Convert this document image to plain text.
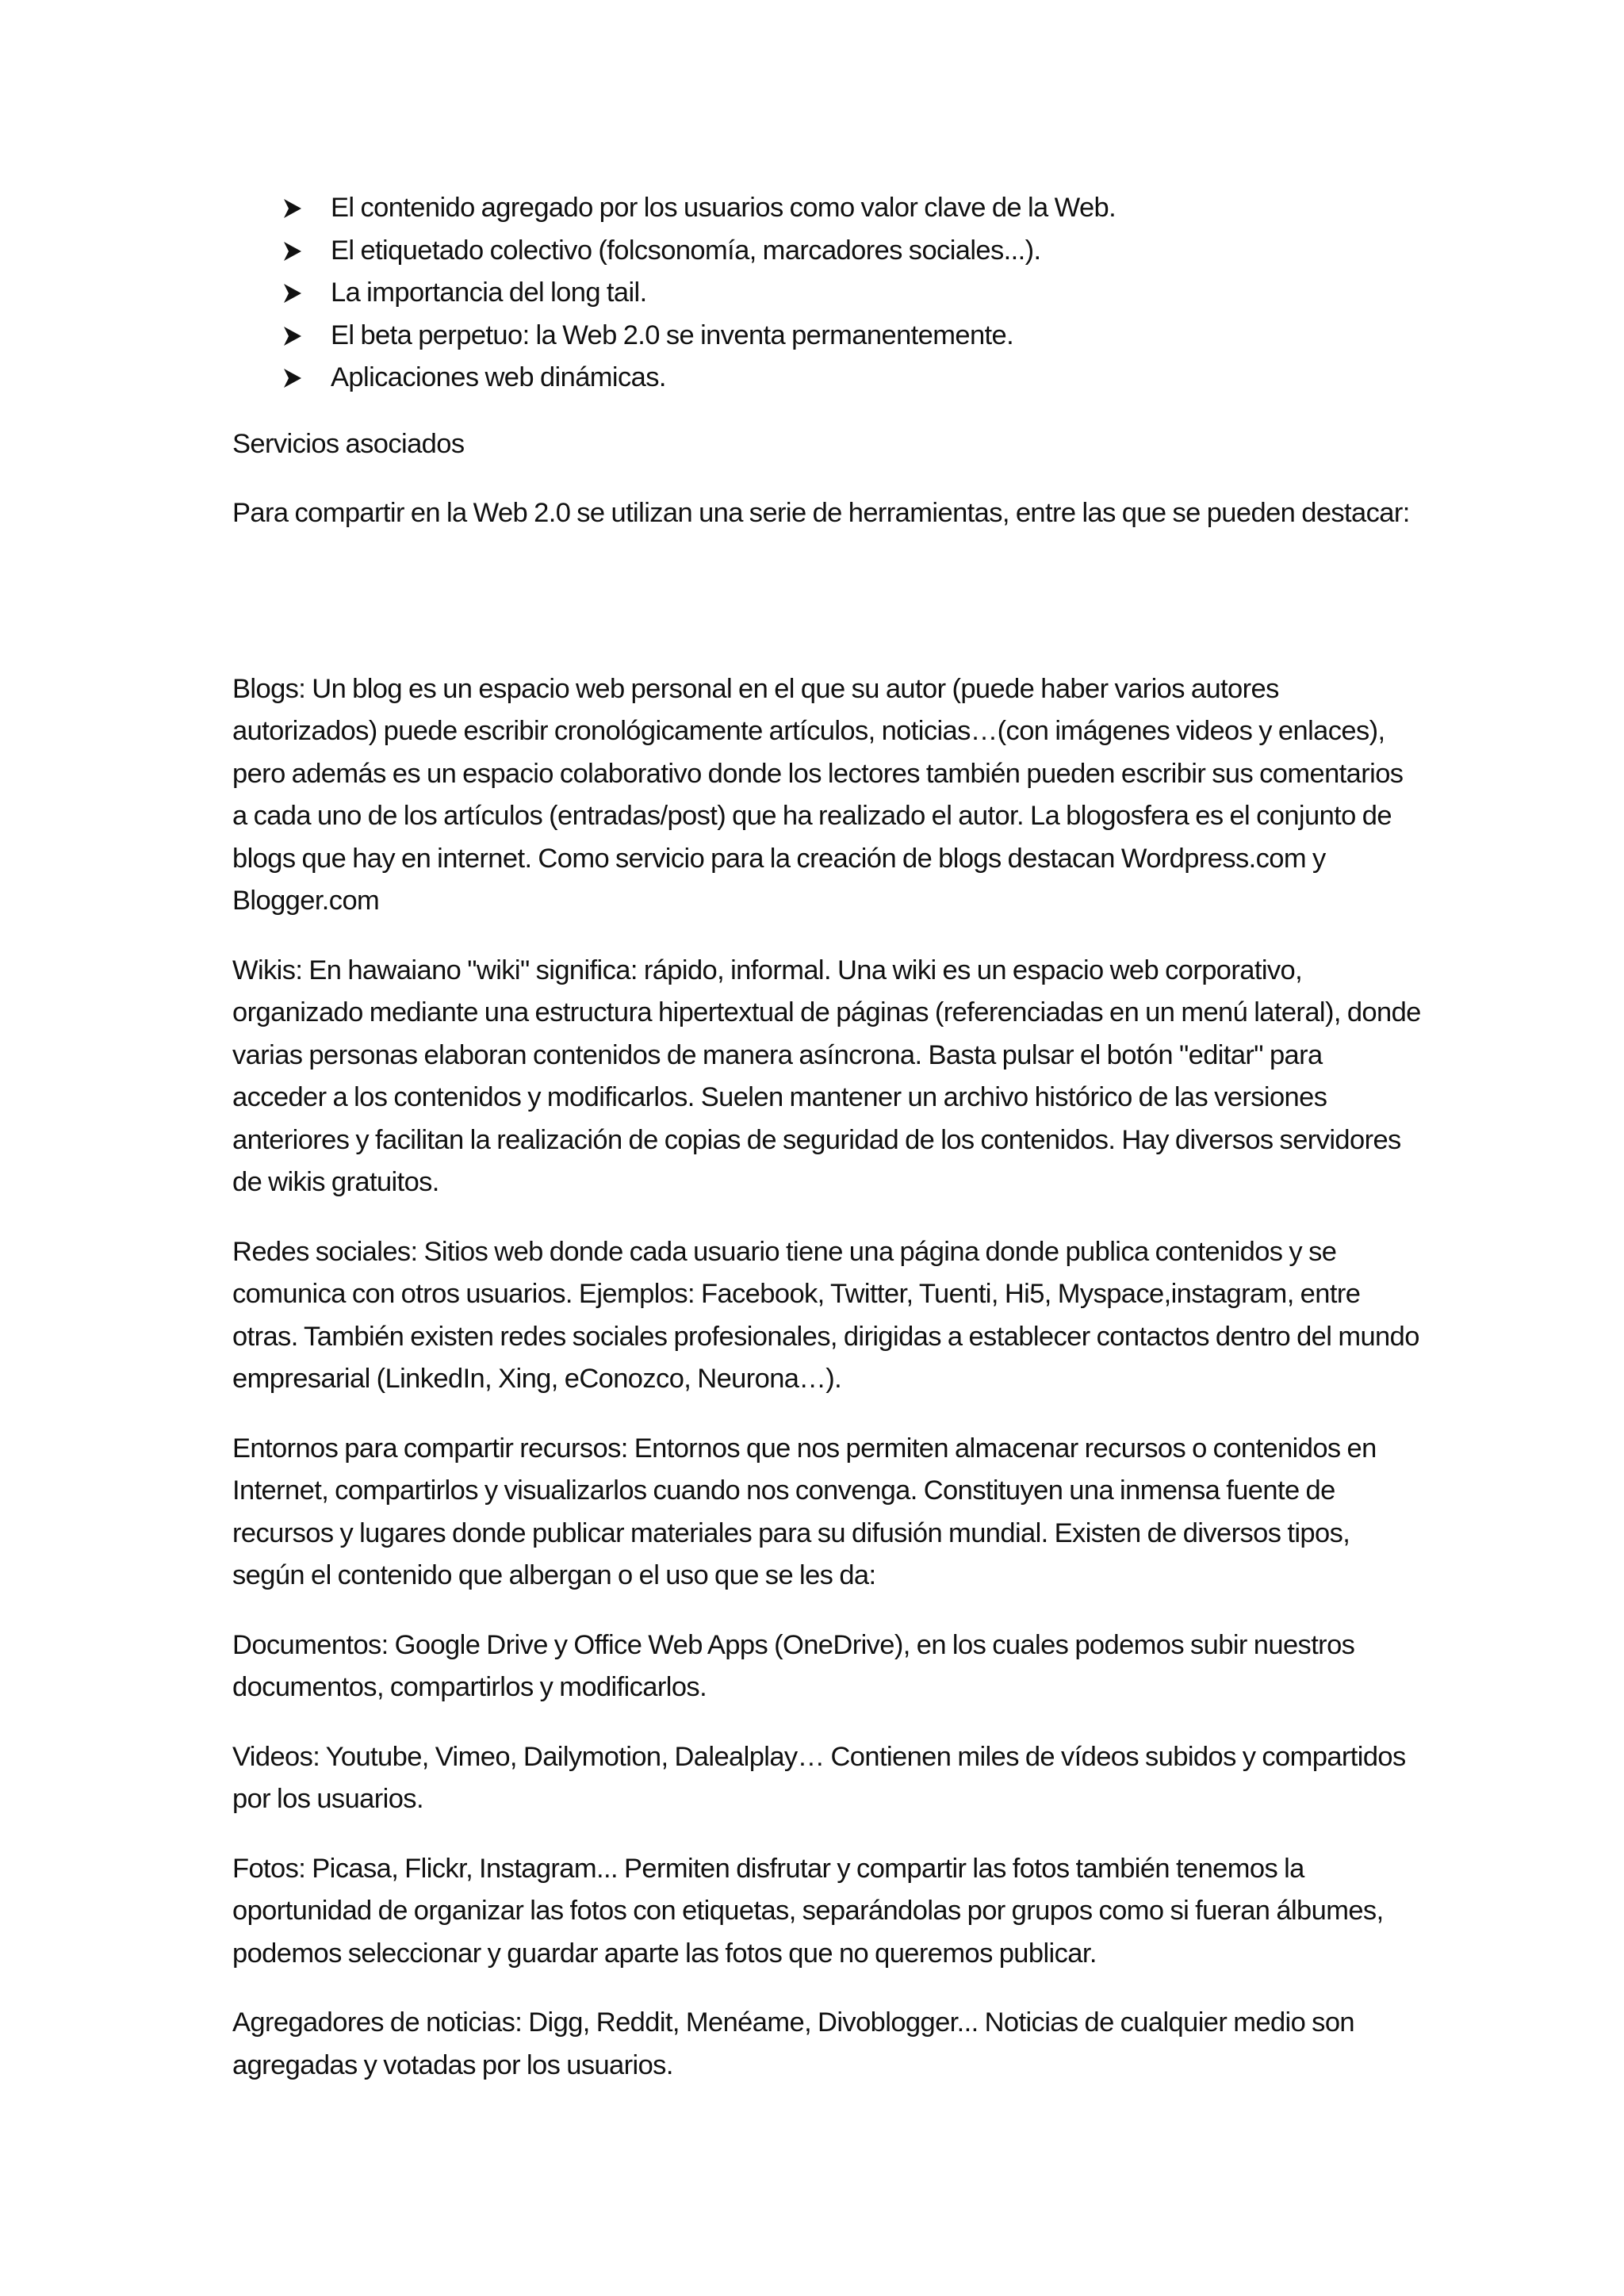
El contenido agregado por los usuarios como valor clave de la Web.
El etiquetado colectivo (folcsonomía, marcadores sociales...).
La importancia del long tail.
El beta perpetuo: la Web 2.0 se inventa permanentemente.
Aplicaciones web dinámicas.

Servicios asociados

Para compartir en la Web 2.0 se utilizan una serie de herramientas, entre las que se pueden destacar:

Blogs: Un blog es un espacio web personal en el que su autor (puede haber varios autores autorizados) puede escribir cronológicamente artículos, noticias…(con imágenes videos y enlaces), pero además es un espacio colaborativo donde los lectores también pueden escribir sus comentarios a cada uno de los artículos (entradas/post) que ha realizado el autor. La blogosfera es el conjunto de blogs que hay en internet. Como servicio para la creación de blogs destacan Wordpress.com y Blogger.com

Wikis: En hawaiano "wiki" significa: rápido, informal. Una wiki es un espacio web corporativo, organizado mediante una estructura hipertextual de páginas (referenciadas en un menú lateral), donde varias personas elaboran contenidos de manera asíncrona. Basta pulsar el botón "editar" para acceder a los contenidos y modificarlos. Suelen mantener un archivo histórico de las versiones anteriores y facilitan la realización de copias de seguridad de los contenidos. Hay diversos servidores de wikis gratuitos.

Redes sociales: Sitios web donde cada usuario tiene una página donde publica contenidos y se comunica con otros usuarios. Ejemplos: Facebook, Twitter, Tuenti, Hi5, Myspace,instagram, entre otras. También existen redes sociales profesionales, dirigidas a establecer contactos dentro del mundo empresarial (LinkedIn, Xing, eConozco, Neurona…).

Entornos para compartir recursos: Entornos que nos permiten almacenar recursos o contenidos en Internet, compartirlos y visualizarlos cuando nos convenga. Constituyen una inmensa fuente de recursos y lugares donde publicar materiales para su difusión mundial. Existen de diversos tipos, según el contenido que albergan o el uso que se les da:

Documentos: Google Drive y Office Web Apps (OneDrive), en los cuales podemos subir nuestros documentos, compartirlos y modificarlos.

Videos: Youtube, Vimeo, Dailymotion, Dalealplay… Contienen miles de vídeos subidos y compartidos por los usuarios.

Fotos: Picasa, Flickr, Instagram... Permiten disfrutar y compartir las fotos también tenemos la oportunidad de organizar las fotos con etiquetas, separándolas por grupos como si fueran álbumes, podemos seleccionar y guardar aparte las fotos que no queremos publicar.

Agregadores de noticias: Digg, Reddit, Menéame, Divoblogger... Noticias de cualquier medio son agregadas y votadas por los usuarios.
